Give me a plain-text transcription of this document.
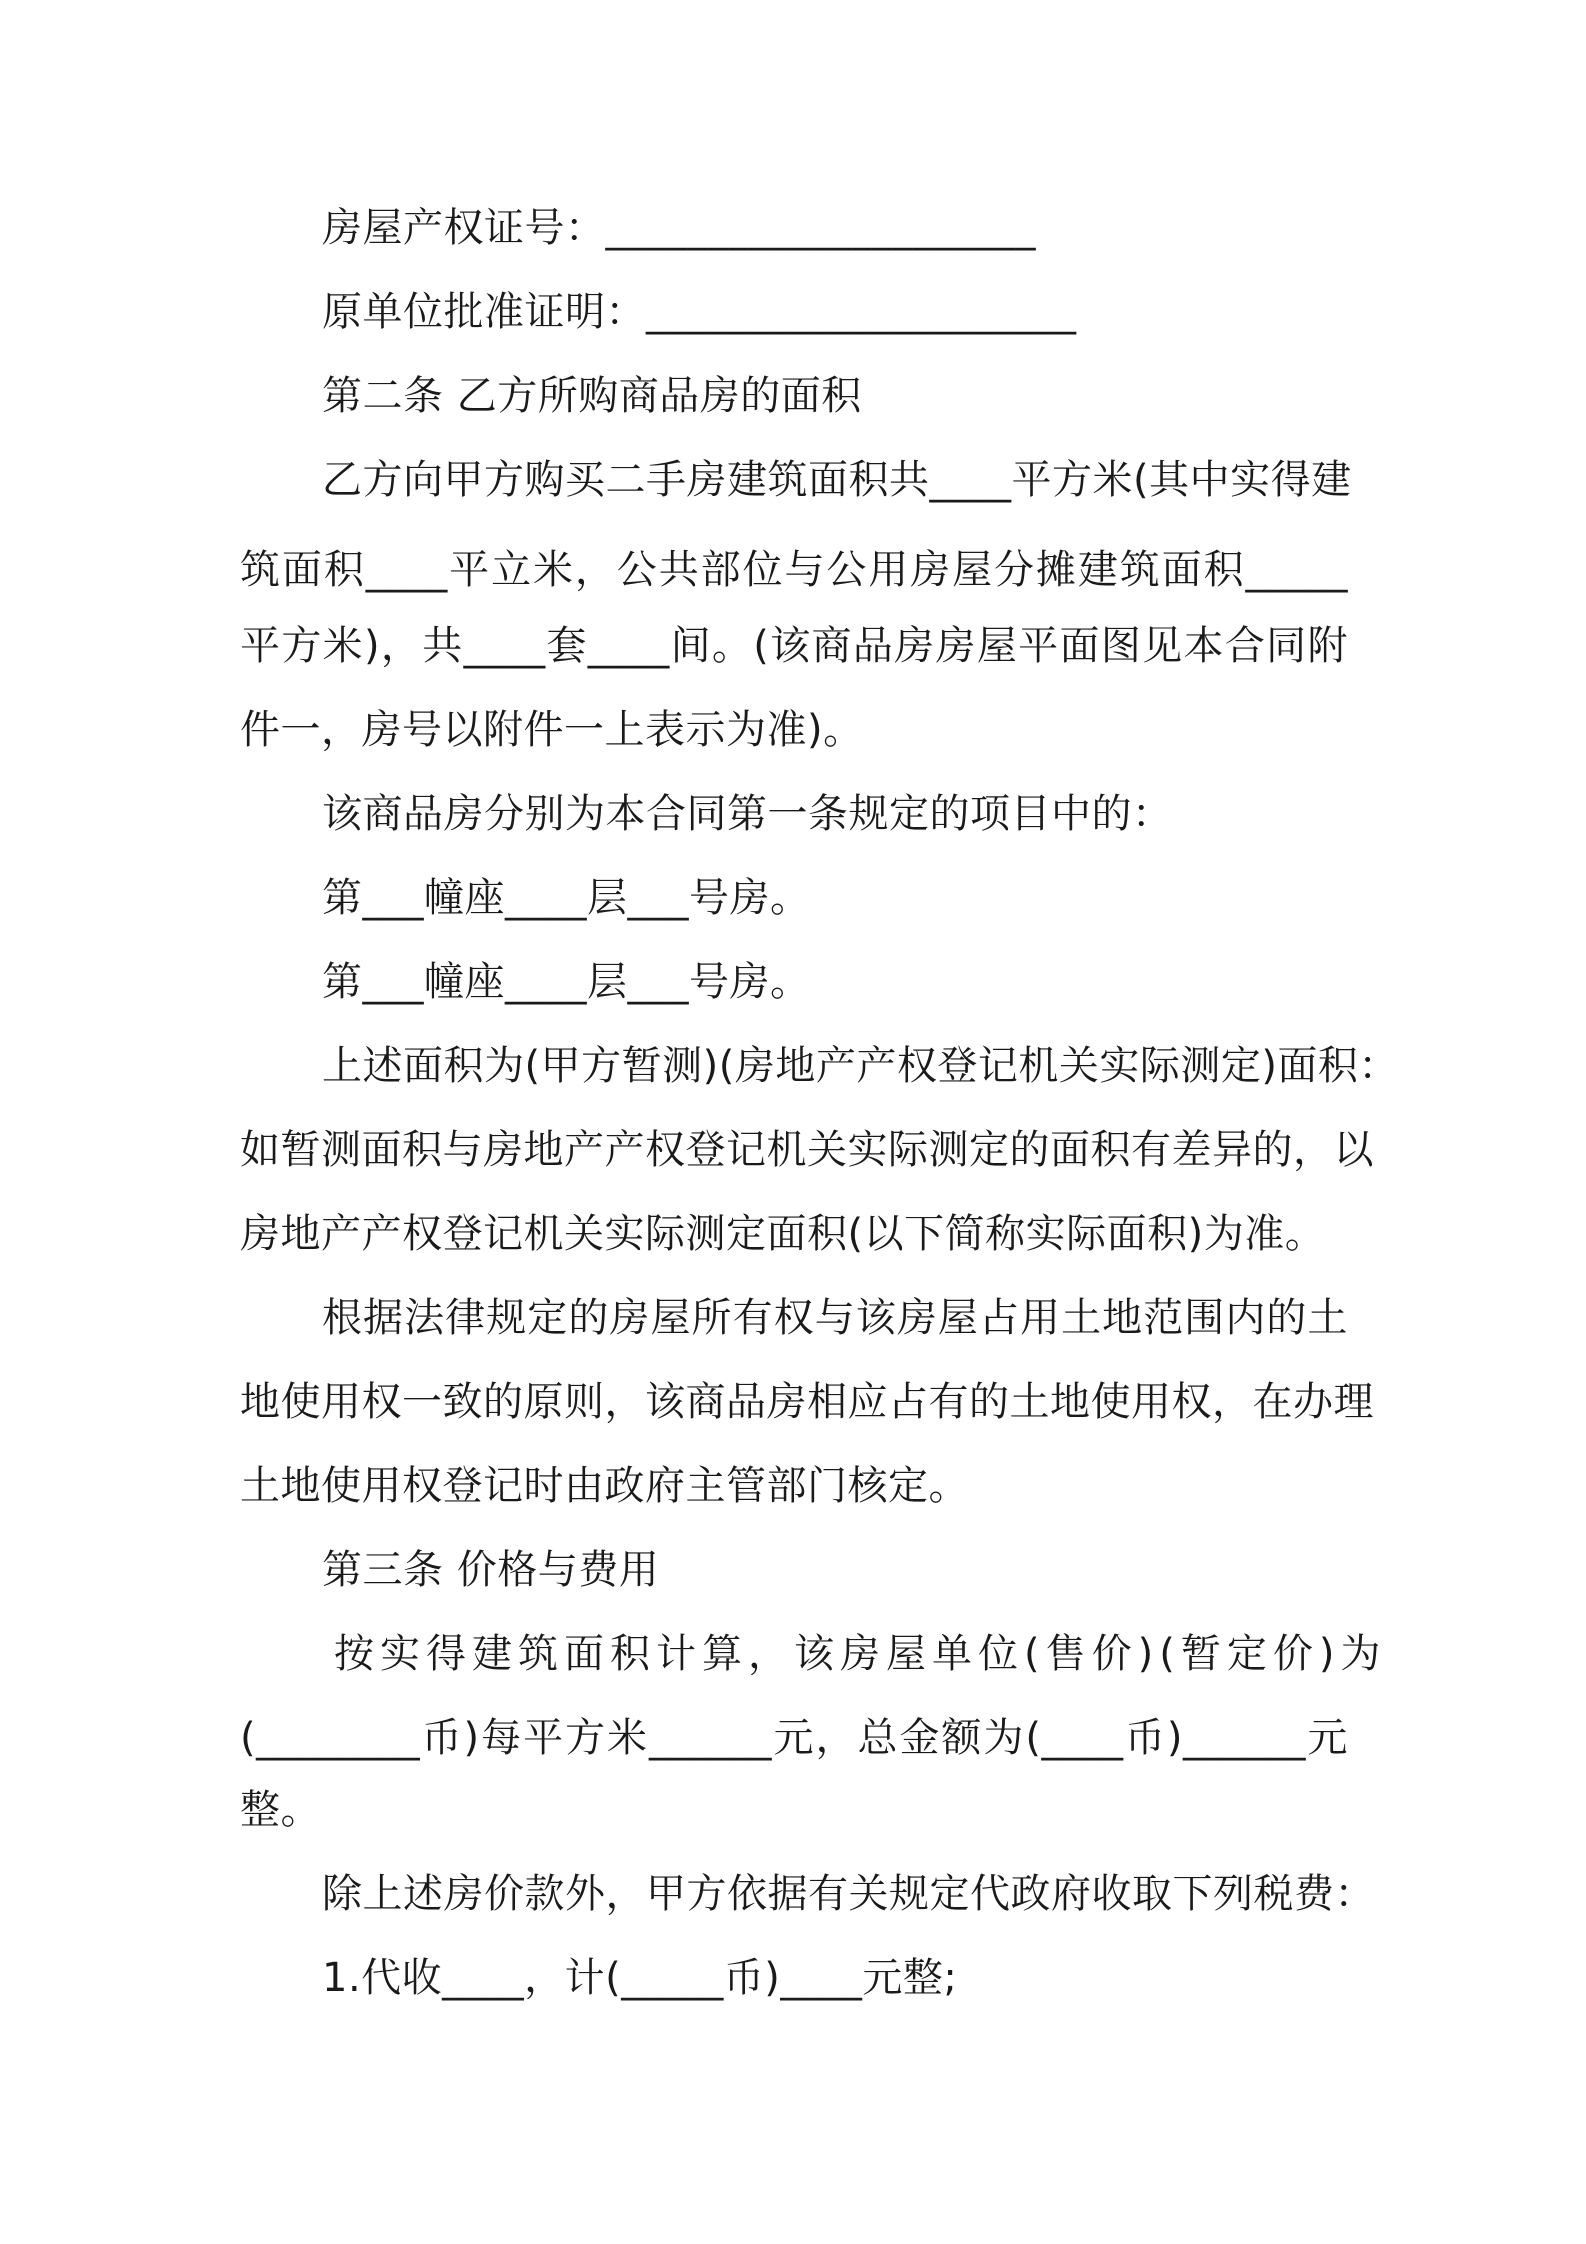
房屋产权证号：_____________________
原单位批准证明：_____________________
第二条 乙方所购商品房的面积
乙方向甲方购买二手房建筑面积共____平方米(其中实得建
筑面积____平立米，公共部位与公用房屋分摊建筑面积_____
平方米)，共____套____间。(该商品房房屋平面图见本合同附
件一，房号以附件一上表示为准)。
该商品房分别为本合同第一条规定的项目中的：
第___幢座____层___号房。
第___幢座____层___号房。
上述面积为(甲方暂测)(房地产产权登记机关实际测定)面积：
如暂测面积与房地产产权登记机关实际测定的面积有差异的，以
房地产产权登记机关实际测定面积(以下简称实际面积)为准。
根据法律规定的房屋所有权与该房屋占用土地范围内的土
地使用权一致的原则，该商品房相应占有的土地使用权，在办理
土地使用权登记时由政府主管部门核定。
第三条 价格与费用
按实得建筑面积计算，该房屋单位(售价)(暂定价)为
(________币)每平方米______元，总金额为(____币)______元
整。
除上述房价款外，甲方依据有关规定代政府收取下列税费：
1.代收____，计(_____币)____元整;
